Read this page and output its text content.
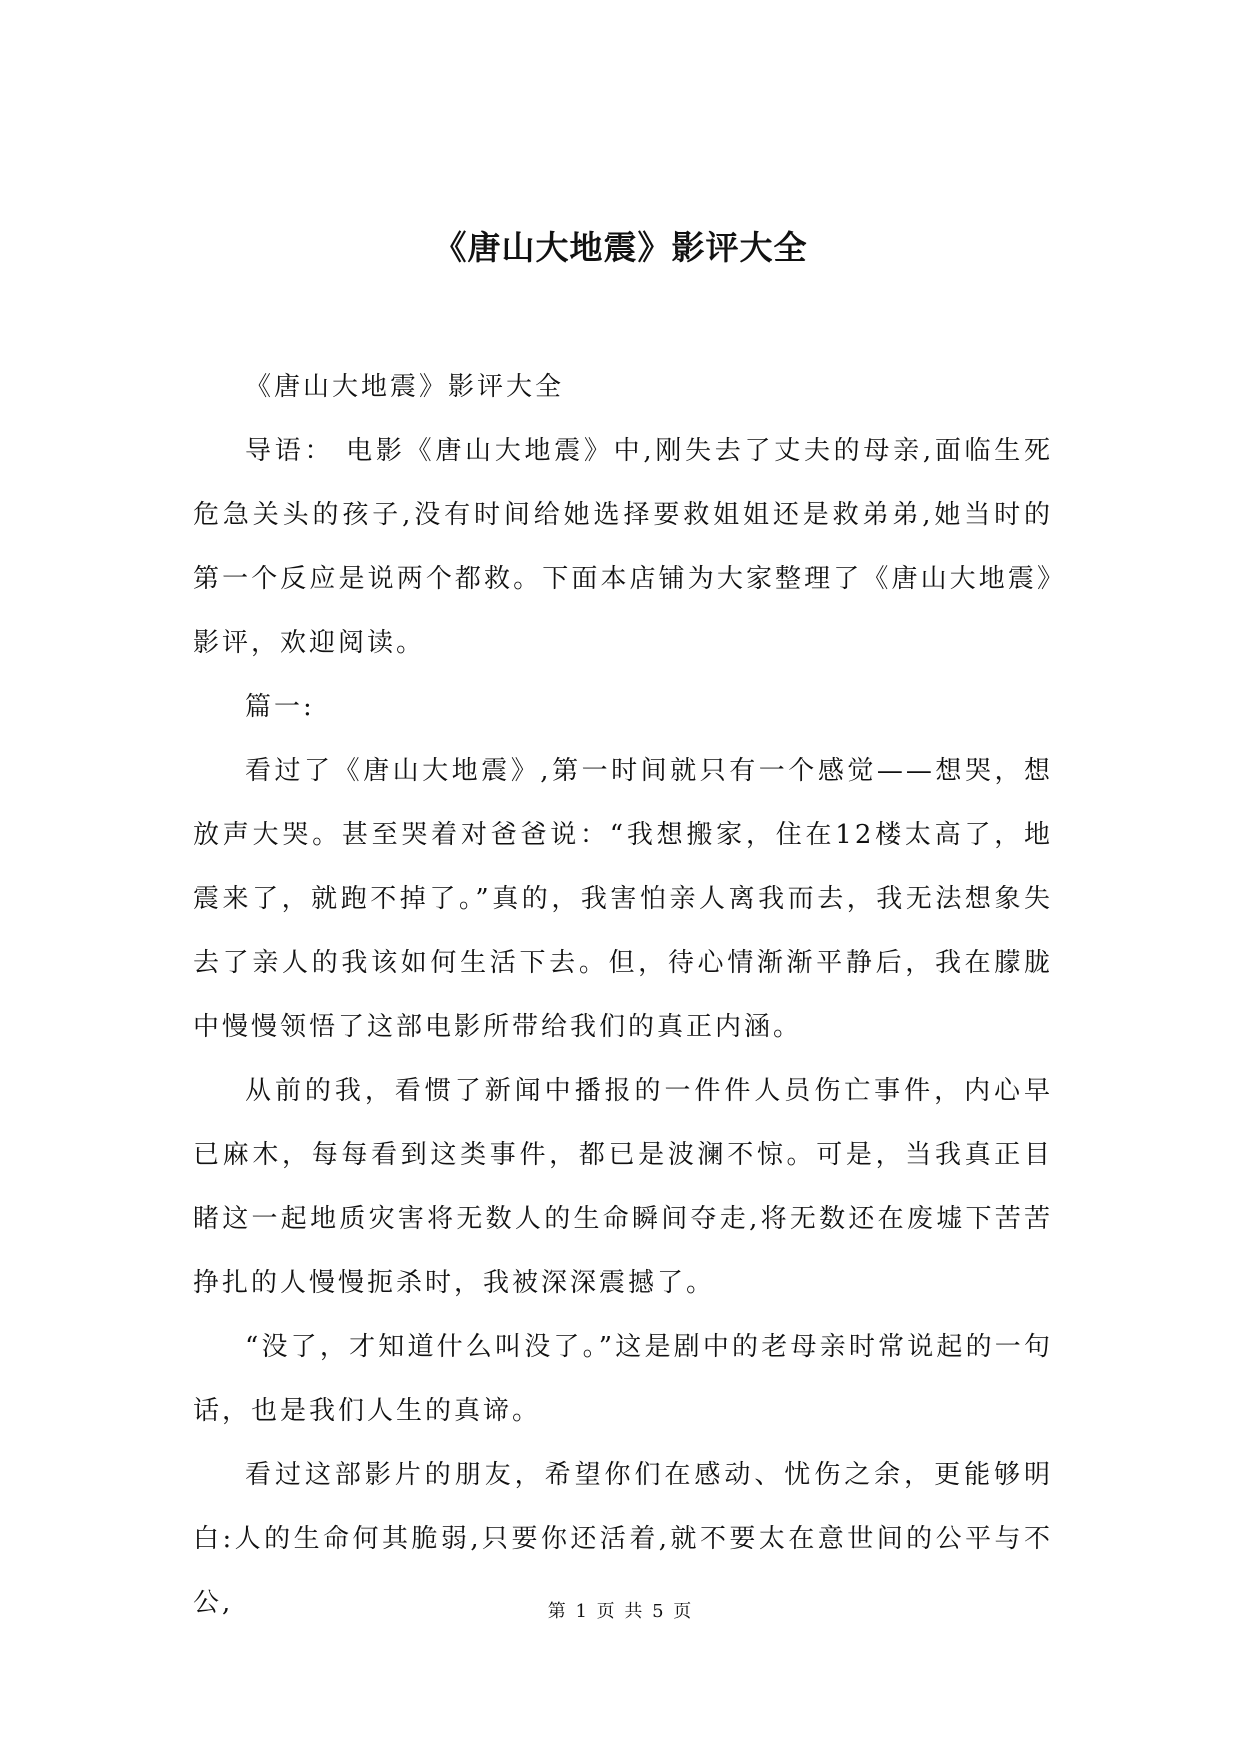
《唐山大地震》影评大全

《唐山大地震》影评大全

导语： 电影《唐山大地震》中,刚失去了丈夫的母亲,面临生死危急关头的孩子,没有时间给她选择要救姐姐还是救弟弟,她当时的第一个反应是说两个都救。下面本店铺为大家整理了《唐山大地震》影评，欢迎阅读。

篇一:

看过了《唐山大地震》,第一时间就只有一个感觉——想哭，想放声大哭。甚至哭着对爸爸说：“我想搬家，住在12楼太高了，地震来了，就跑不掉了。”真的，我害怕亲人离我而去，我无法想象失去了亲人的我该如何生活下去。但，待心情渐渐平静后，我在朦胧中慢慢领悟了这部电影所带给我们的真正内涵。

从前的我，看惯了新闻中播报的一件件人员伤亡事件，内心早已麻木，每每看到这类事件，都已是波澜不惊。可是，当我真正目睹这一起地质灾害将无数人的生命瞬间夺走,将无数还在废墟下苦苦挣扎的人慢慢扼杀时，我被深深震撼了。

“没了，才知道什么叫没了。”这是剧中的老母亲时常说起的一句话，也是我们人生的真谛。

看过这部影片的朋友，希望你们在感动、忧伤之余，更能够明白:人的生命何其脆弱,只要你还活着,就不要太在意世间的公平与不公,	第 1 页 共 5 页
